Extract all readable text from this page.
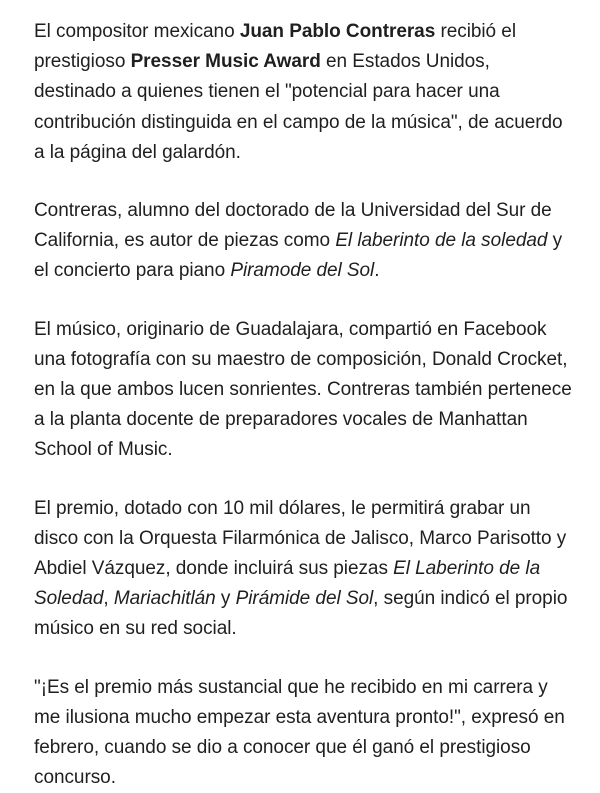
El compositor mexicano Juan Pablo Contreras recibió el prestigioso Presser Music Award en Estados Unidos, destinado a quienes tienen el "potencial para hacer una contribución distinguida en el campo de la música", de acuerdo a la página del galardón.

Contreras, alumno del doctorado de la Universidad del Sur de California, es autor de piezas como El laberinto de la soledad y el concierto para piano Piramode del Sol.

El músico, originario de Guadalajara, compartió en Facebook una fotografía con su maestro de composición, Donald Crocket, en la que ambos lucen sonrientes. Contreras también pertenece a la planta docente de preparadores vocales de Manhattan School of Music.

El premio, dotado con 10 mil dólares, le permitirá grabar un disco con la Orquesta Filarmónica de Jalisco, Marco Parisotto y Abdiel Vázquez, donde incluirá sus piezas El Laberinto de la Soledad, Mariachitlán y Pirámide del Sol, según indicó el propio músico en su red social.

"¡Es el premio más sustancial que he recibido en mi carrera y me ilusiona mucho empezar esta aventura pronto!", expresó en febrero, cuando se dio a conocer que él ganó el prestigioso concurso.
